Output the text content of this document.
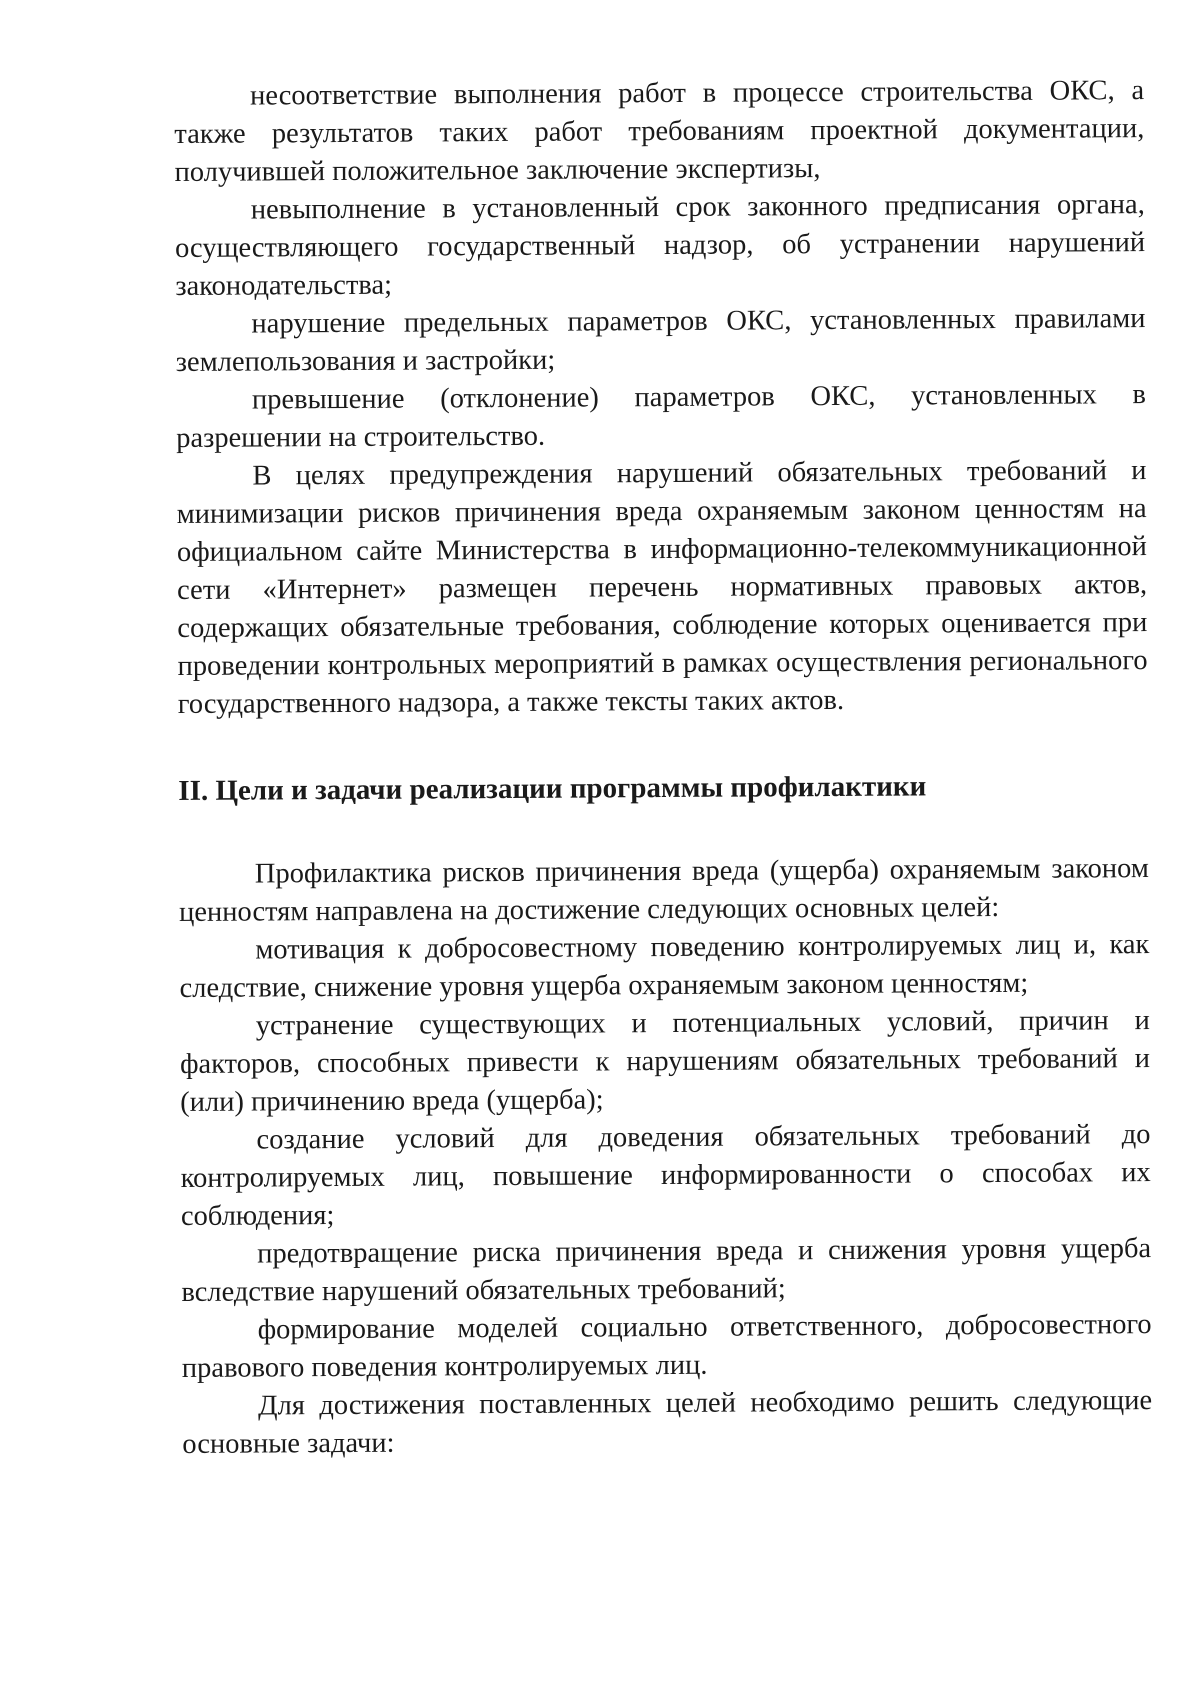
несоответствие выполнения работ в процессе строительства ОКС, а также результатов таких работ требованиям проектной документации, получившей положительное заключение экспертизы,

невыполнение в установленный срок законного предписания органа, осуществляющего государственный надзор, об устранении нарушений законодательства;

нарушение предельных параметров ОКС, установленных правилами землепользования и застройки;

превышение (отклонение) параметров ОКС, установленных в разрешении на строительство.

В целях предупреждения нарушений обязательных требований и минимизации рисков причинения вреда охраняемым законом ценностям на официальном сайте Министерства в информационно-телекоммуникационной сети «Интернет» размещен перечень нормативных правовых актов, содержащих обязательные требования, соблюдение которых оценивается при проведении контрольных мероприятий в рамках осуществления регионального государственного надзора, а также тексты таких актов.

II. Цели и задачи реализации программы профилактики

Профилактика рисков причинения вреда (ущерба) охраняемым законом ценностям направлена на достижение следующих основных целей:

мотивация к добросовестному поведению контролируемых лиц и, как следствие, снижение уровня ущерба охраняемым законом ценностям;

устранение существующих и потенциальных условий, причин и факторов, способных привести к нарушениям обязательных требований и (или) причинению вреда (ущерба);

создание условий для доведения обязательных требований до контролируемых лиц, повышение информированности о способах их соблюдения;

предотвращение риска причинения вреда и снижения уровня ущерба вследствие нарушений обязательных требований;

формирование моделей социально ответственного, добросовестного правового поведения контролируемых лиц.

Для достижения поставленных целей необходимо решить следующие основные задачи:
